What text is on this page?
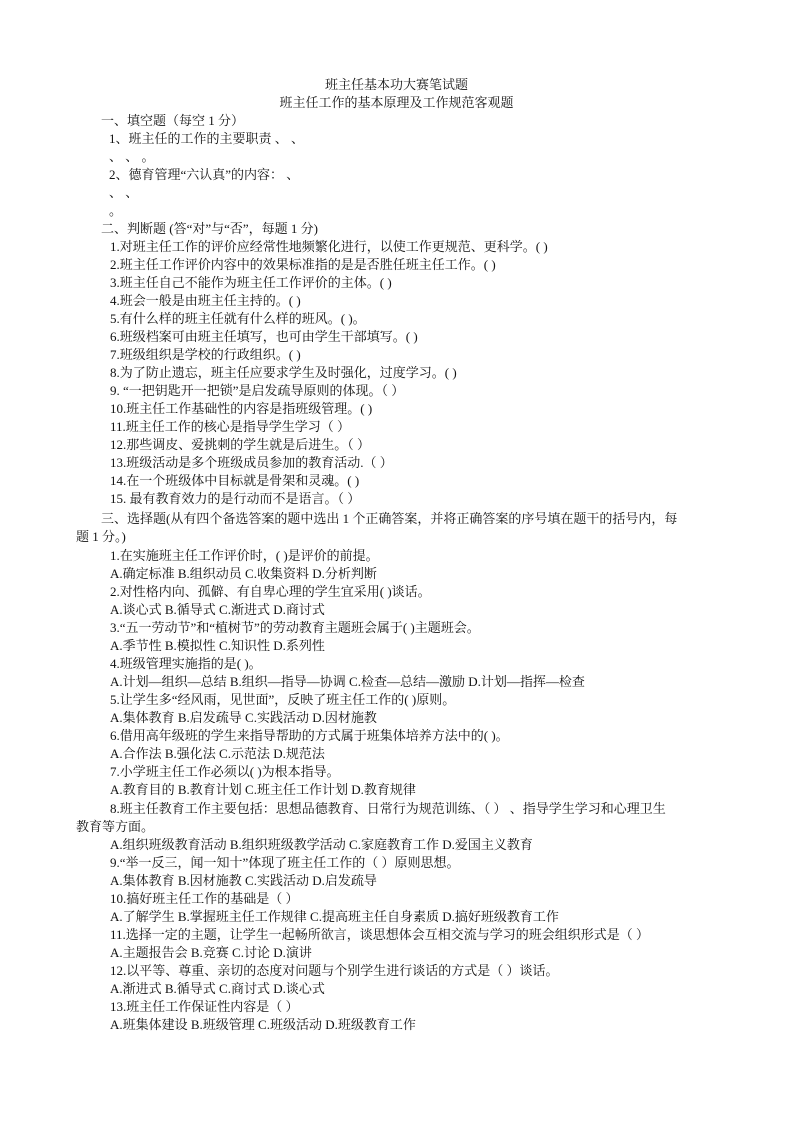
班主任基本功大赛笔试题
班主任工作的基本原理及工作规范客观题
一、填空题（每空 1 分）
1、班主任的工作的主要职责 、 、
、 、 。
2、德育管理“六认真”的内容： 、
、 、
。
二、判断题 (答“对”与“否”，每题 1 分)
1.对班主任工作的评价应经常性地频繁化进行，以使工作更规范、更科学。( )
2.班主任工作评价内容中的效果标准指的是是否胜任班主任工作。( )
3.班主任自己不能作为班主任工作评价的主体。( )
4.班会一般是由班主任主持的。( )
5.有什么样的班主任就有什么样的班风。( )。
6.班级档案可由班主任填写，也可由学生干部填写。( )
7.班级组织是学校的行政组织。( )
8.为了防止遗忘，班主任应要求学生及时强化，过度学习。( )
9. “一把钥匙开一把锁”是启发疏导原则的体现。（ ）
10.班主任工作基础性的内容是指班级管理。( )
11.班主任工作的核心是指导学生学习（ ）
12.那些调皮、爱挑刺的学生就是后进生。（ ）
13.班级活动是多个班级成员参加的教育活动.（ ）
14.在一个班级体中目标就是骨架和灵魂。( )
15. 最有教育效力的是行动而不是语言。（ ）
三、选择题(从有四个备选答案的题中选出 1 个正确答案，并将正确答案的序号填在题干的括号内，每
题 1 分。)
1.在实施班主任工作评价时，( )是评价的前提。
A.确定标准 B.组织动员 C.收集资料 D.分析判断
2.对性格内向、孤僻、有自卑心理的学生宜采用( )谈话。
A.谈心式 B.循导式 C.渐进式 D.商讨式
3.“五一劳动节”和“植树节”的劳动教育主题班会属于( )主题班会。
A.季节性 B.模拟性 C.知识性 D.系列性
4.班级管理实施指的是( )。
A.计划—组织—总结 B.组织—指导—协调 C.检查—总结—激励 D.计划—指挥—检查
5.让学生多“经风雨，见世面”，反映了班主任工作的( )原则。
A.集体教育 B.启发疏导 C.实践活动 D.因材施教
6.借用高年级班的学生来指导帮助的方式属于班集体培养方法中的( )。
A.合作法 B.强化法 C.示范法 D.规范法
7.小学班主任工作必须以( )为根本指导。
A.教育目的 B.教育计划 C.班主任工作计划 D.教育规律
8.班主任教育工作主要包括：思想品德教育、日常行为规范训练、（ ） 、指导学生学习和心理卫生
教育等方面。
A.组织班级教育活动 B.组织班级教学活动 C.家庭教育工作 D.爱国主义教育
9.“举一反三，闻一知十”体现了班主任工作的（ ）原则思想。
A.集体教育 B.因材施教 C.实践活动 D.启发疏导
10.搞好班主任工作的基础是（ ）
A.了解学生 B.掌握班主任工作规律 C.提高班主任自身素质 D.搞好班级教育工作
11.选择一定的主题，让学生一起畅所欲言，谈思想体会互相交流与学习的班会组织形式是（ ）
A.主题报告会 B.竞赛 C.讨论 D.演讲
12.以平等、尊重、亲切的态度对问题与个别学生进行谈话的方式是（ ）谈话。
A.渐进式 B.循导式 C.商讨式 D.谈心式
13.班主任工作保证性内容是（ ）
A.班集体建设 B.班级管理 C.班级活动 D.班级教育工作
